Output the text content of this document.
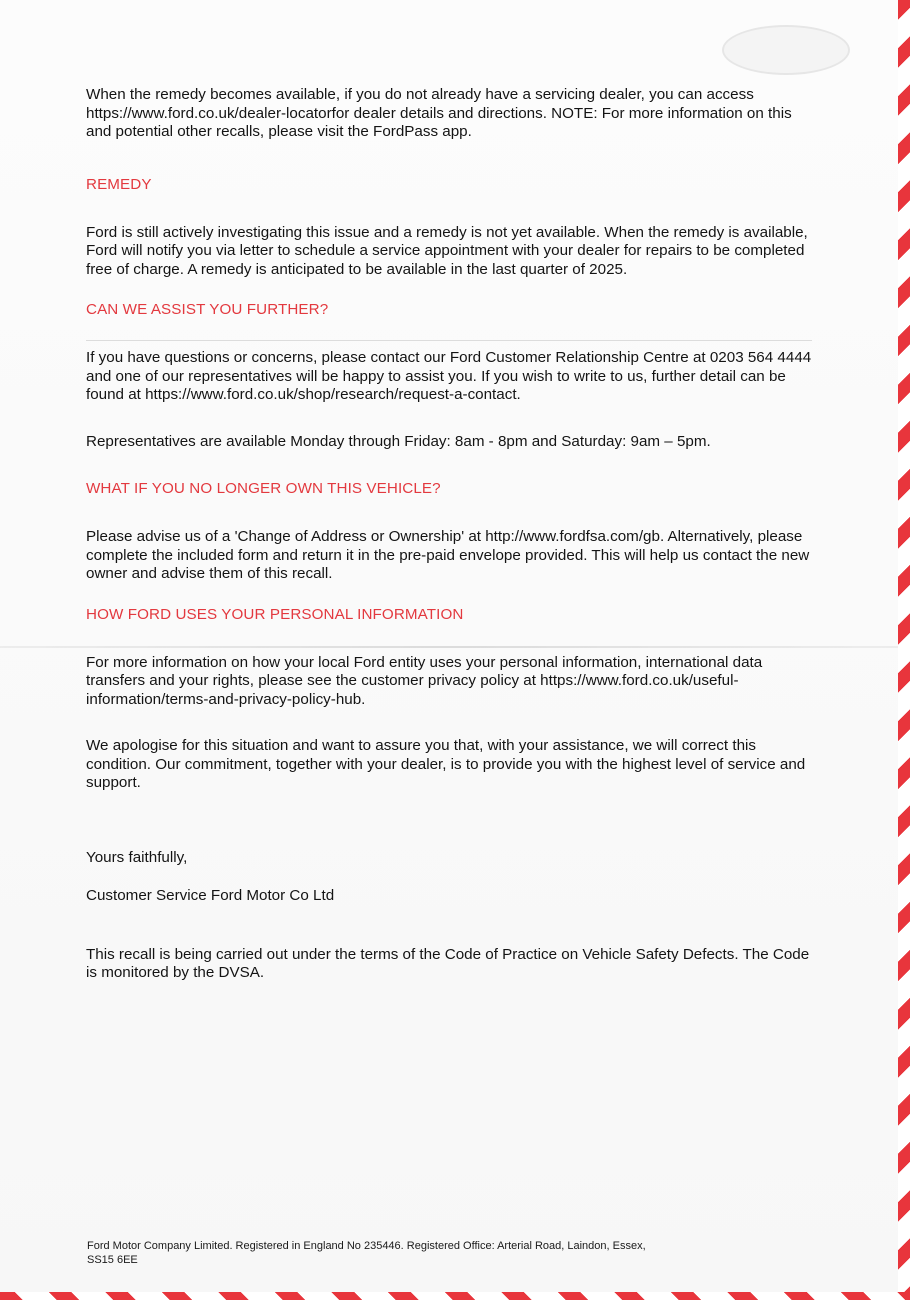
When the remedy becomes available, if you do not already have a servicing dealer, you can access https://www.ford.co.uk/dealer-locatorfor dealer details and directions. NOTE: For more information on this and potential other recalls, please visit the FordPass app.

REMEDY

Ford is still actively investigating this issue and a remedy is not yet available. When the remedy is available, Ford will notify you via letter to schedule a service appointment with your dealer for repairs to be completed free of charge. A remedy is anticipated to be available in the last quarter of 2025.

CAN WE ASSIST YOU FURTHER?

If you have questions or concerns, please contact our Ford Customer Relationship Centre at 0203 564 4444 and one of our representatives will be happy to assist you. If you wish to write to us, further detail can be found at https://www.ford.co.uk/shop/research/request-a-contact.

Representatives are available Monday through Friday: 8am - 8pm and Saturday: 9am – 5pm.

WHAT IF YOU NO LONGER OWN THIS VEHICLE?

Please advise us of a 'Change of Address or Ownership' at http://www.fordfsa.com/gb. Alternatively, please complete the included form and return it in the pre-paid envelope provided. This will help us contact the new owner and advise them of this recall.

HOW FORD USES YOUR PERSONAL INFORMATION

For more information on how your local Ford entity uses your personal information, international data transfers and your rights, please see the customer privacy policy at https://www.ford.co.uk/useful-information/terms-and-privacy-policy-hub.

We apologise for this situation and want to assure you that, with your assistance, we will correct this condition. Our commitment, together with your dealer, is to provide you with the highest level of service and support.

Yours faithfully,

Customer Service Ford Motor Co Ltd

This recall is being carried out under the terms of the Code of Practice on Vehicle Safety Defects. The Code is monitored by the DVSA.

Ford Motor Company Limited. Registered in England No 235446. Registered Office: Arterial Road, Laindon, Essex, SS15 6EE
